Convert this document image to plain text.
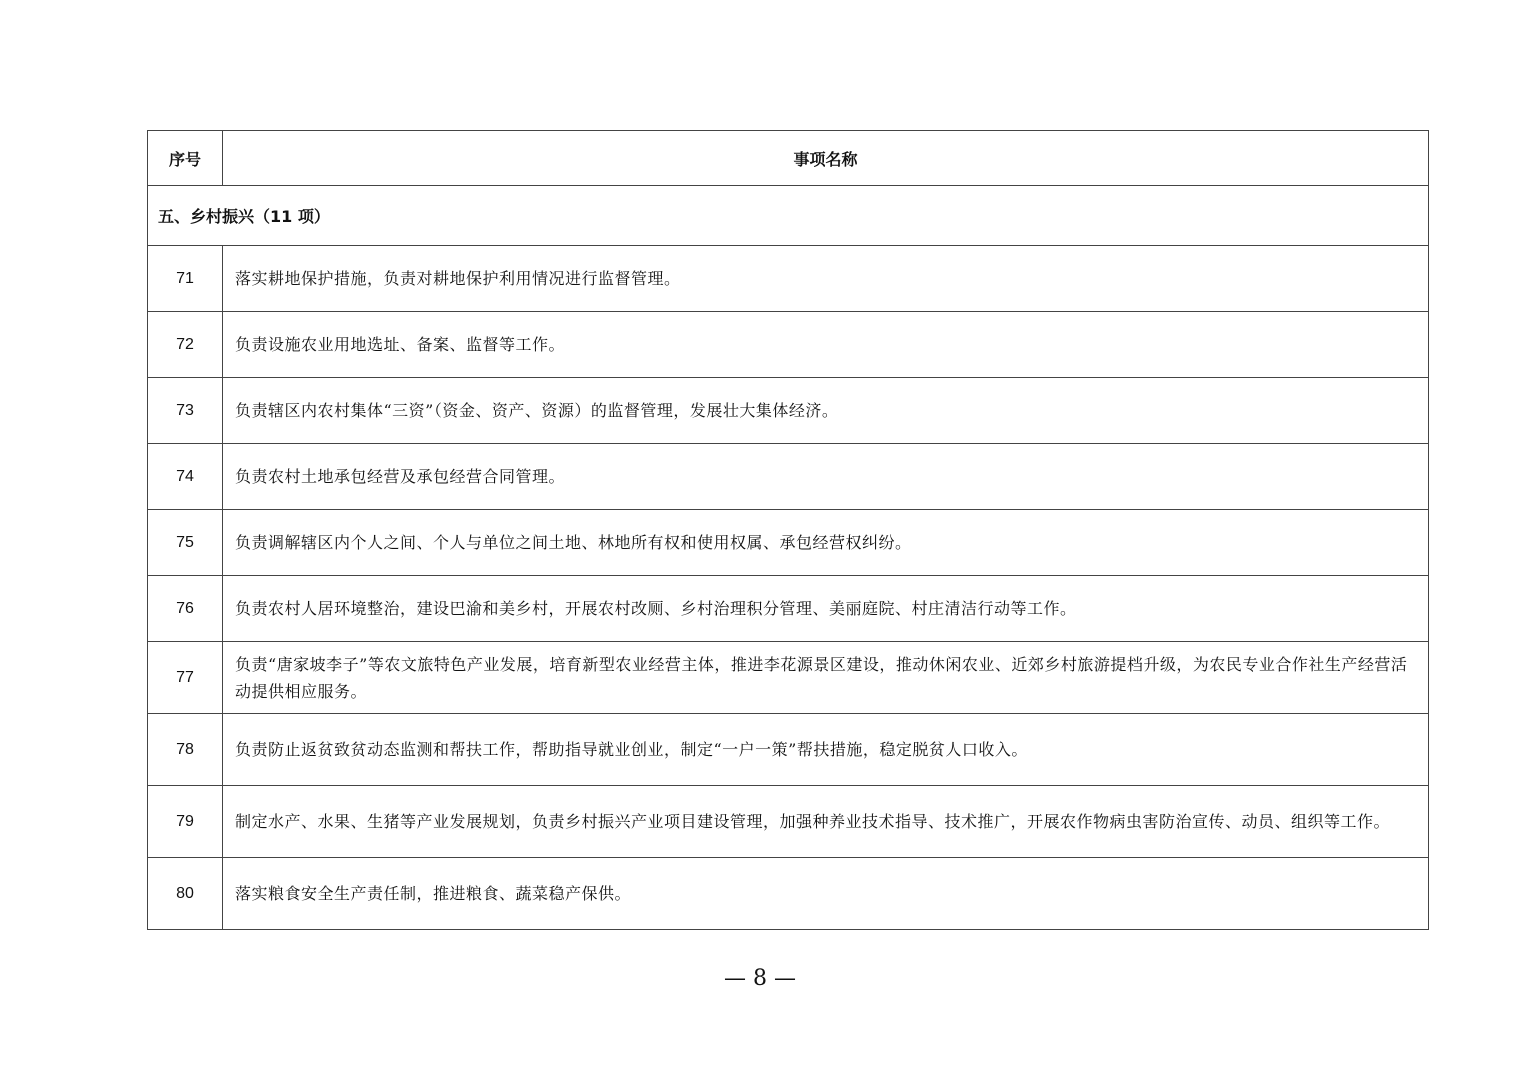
序号	事项名称
五、乡村振兴（11 项）	
71	落实耕地保护措施，负责对耕地保护利用情况进行监督管理。
72	负责设施农业用地选址、备案、监督等工作。
73	负责辖区内农村集体“三资”（资金、资产、资源）的监督管理，发展壮大集体经济。
74	负责农村土地承包经营及承包经营合同管理。
75	负责调解辖区内个人之间、个人与单位之间土地、林地所有权和使用权属、承包经营权纠纷。
76	负责农村人居环境整治，建设巴渝和美乡村，开展农村改厕、乡村治理积分管理、美丽庭院、村庄清洁行动等工作。
77	负责“唐家坡李子”等农文旅特色产业发展，培育新型农业经营主体，推进李花源景区建设，推动休闲农业、近郊乡村旅游提档升级，为农民专业合作社生产经营活动提供相应服务。
78	负责防止返贫致贫动态监测和帮扶工作，帮助指导就业创业，制定“一户一策”帮扶措施，稳定脱贫人口收入。
79	制定水产、水果、生猪等产业发展规划，负责乡村振兴产业项目建设管理，加强种养业技术指导、技术推广，开展农作物病虫害防治宣传、动员、组织等工作。
80	落实粮食安全生产责任制，推进粮食、蔬菜稳产保供。
— 8 —
